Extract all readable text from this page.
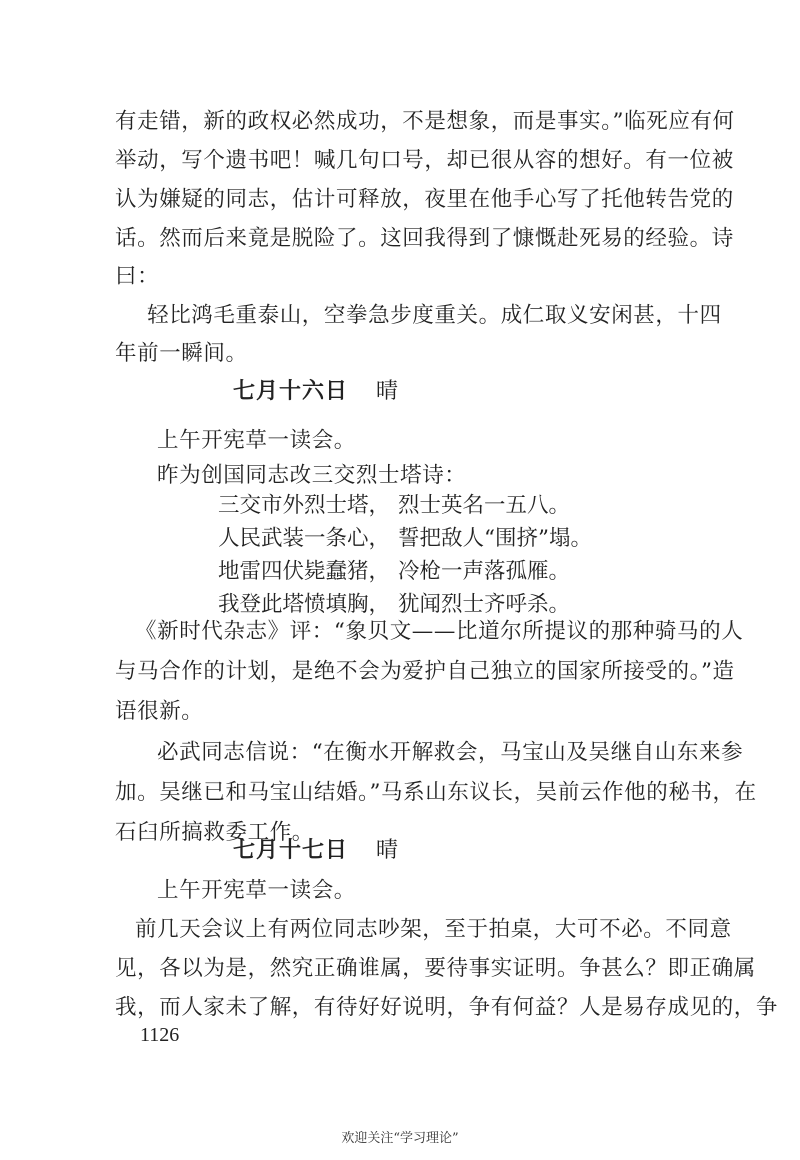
有走错，新的政权必然成功，不是想象，而是事实。”临死应有何
举动，写个遗书吧！喊几句口号，却已很从容的想好。有一位被
认为嫌疑的同志，估计可释放，夜里在他手心写了托他转告党的
话。然而后来竟是脱险了。这回我得到了慷慨赴死易的经验。诗
曰：
　轻比鸿毛重泰山，空拳急步度重关。成仁取义安闲甚，十四
年前一瞬间。
七月十六日 晴
上午开宪草一读会。
昨为创国同志改三交烈士塔诗：
三交市外烈士塔， 烈士英名一五八。
人民武装一条心， 誓把敌人“围挤”塌。
地雷四伏毙蠢猪， 冷枪一声落孤雁。
我登此塔愤填胸， 犹闻烈士齐呼杀。
《新时代杂志》评：“象贝文——比道尔所提议的那种骑马的人
与马合作的计划，是绝不会为爱护自己独立的国家所接受的。”造
语很新。
必武同志信说：“在衡水开解救会，马宝山及吴继自山东来参
加。吴继已和马宝山结婚。”马系山东议长，吴前云作他的秘书，在
石臼所搞救委工作。
七月十七日 晴
上午开宪草一读会。
前几天会议上有两位同志吵架，至于拍桌，大可不必。不同意
见，各以为是，然究正确谁属，要待事实证明。争甚么？即正确属
我，而人家未了解，有待好好说明，争有何益？人是易存成见的，争
1126
欢迎关注“学习理论”
